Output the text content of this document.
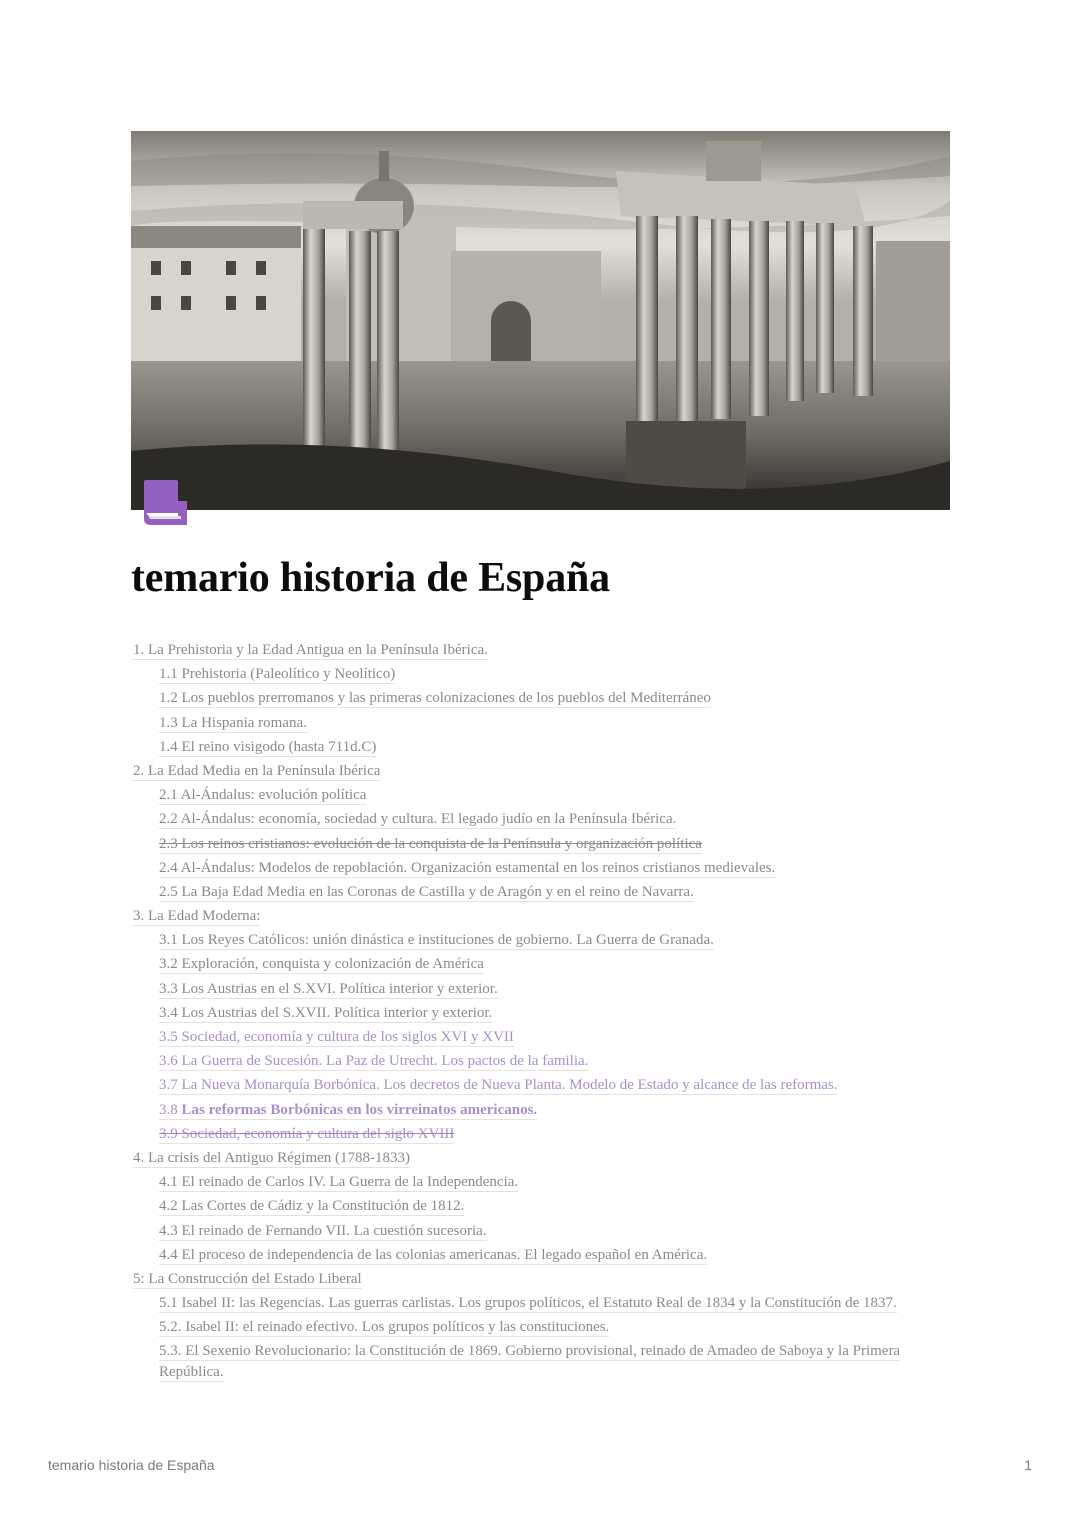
temario historia de España
1. La Prehistoria y la Edad Antigua en la Península Ibérica.
1.1 Prehistoria (Paleolítico y Neolítico)
1.2 Los pueblos prerromanos y las primeras colonizaciones de los pueblos del Mediterráneo
1.3 La Hispania romana.
1.4 El reino visigodo (hasta 711d.C)
2. La Edad Media en la Península Ibérica
2.1 Al-Ándalus: evolución política
2.2 Al-Ándalus: economía, sociedad y cultura. El legado judío en la Península Ibérica.
2.3 Los reinos cristianos: evolución de la conquista de la Península y organización política
2.4 Al-Ándalus: Modelos de repoblación. Organización estamental en los reinos cristianos medievales.
2.5 La Baja Edad Media en las Coronas de Castilla y de Aragón y en el reino de Navarra.
3. La Edad Moderna:
3.1 Los Reyes Católicos: unión dinástica e instituciones de gobierno. La Guerra de Granada.
3.2 Exploración, conquista y colonización de América
3.3 Los Austrias en el S.XVI. Política interior y exterior.
3.4 Los Austrias del S.XVII. Política interior y exterior.
3.5 Sociedad, economía y cultura de los siglos XVI y XVII
3.6 La Guerra de Sucesión. La Paz de Utrecht. Los pactos de la familia.
3.7 La Nueva Monarquía Borbónica. Los decretos de Nueva Planta. Modelo de Estado y alcance de las reformas.
3.8 Las reformas Borbónicas en los virreinatos americanos.
3.9 Sociedad, economía y cultura del siglo XVIII
4. La crisis del Antiguo Régimen (1788-1833)
4.1 El reinado de Carlos IV. La Guerra de la Independencia.
4.2 Las Cortes de Cádiz y la Constitución de 1812.
4.3 El reinado de Fernando VII. La cuestión sucesoria.
4.4 El proceso de independencia de las colonias americanas. El legado español en América.
5: La Construcción del Estado Liberal
5.1 Isabel II: las Regencias. Las guerras carlistas. Los grupos políticos, el Estatuto Real de 1834 y la Constitución de 1837.
5.2. Isabel II: el reinado efectivo. Los grupos políticos y las constituciones.
5.3. El Sexenio Revolucionario: la Constitución de 1869. Gobierno provisional, reinado de Amadeo de Saboya y la Primera República.
temario historia de España	1
